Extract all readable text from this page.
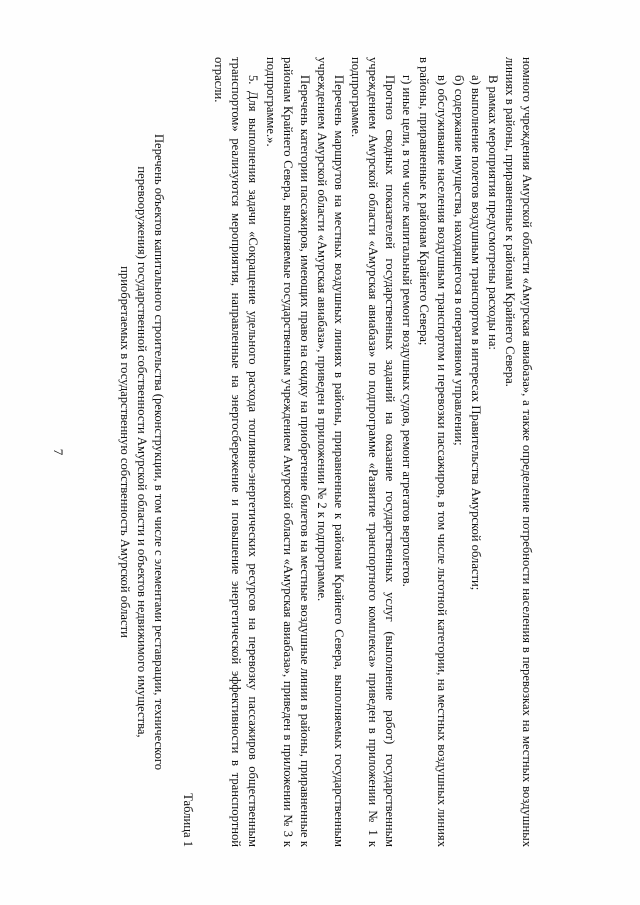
7	номного учреждения Амурской области «Амурская авиабаза», а также определение потребности населения в перевозках на местных воздушных линиях в районы, приравненные к районам Крайнего Севера.

В рамках мероприятия предусмотрены расходы на:

а) выполнение полетов воздушным транспортом в интересах Правительства Амурской области;

б) содержание имущества, находящегося в оперативном управлении;

в) обслуживание населения воздушным транспортом и перевозки пассажиров, в том числе льготной категории, на местных воздушных линиях в районы, приравненные к районам Крайнего Севера;

г) иные цели, в том числе капитальный ремонт воздушных судов, ремонт агрегатов вертолетов.

Прогноз сводных показателей государственных заданий на оказание государственных услуг (выполнение работ) государственным учреждением Амурской области «Амурская авиабаза» по подпрограмме «Развитие транспортного комплекса» приведен в приложении № 1 к подпрограмме.

Перечень маршрутов на местных воздушных линиях в районы, приравненные к районам Крайнего Севера, выполняемых государственным учреждением Амурской области «Амурская авиабаза», приведен в приложении № 2 к подпрограмме.

Перечень категории пассажиров, имеющих право на скидку на приобретение билетов на местные воздушные линии в районы, приравненные к районам Крайнего Севера, выполняемые государственным учреждением Амурской области «Амурская авиабаза», приведен в приложении № 3 к подпрограмме.».

5. Для выполнения задачи «Сокращение удельного расхода топливно-энергетических ресурсов на перевозку пассажиров общественным транспортом» реализуются мероприятия, направленные на энергосбережение и повышение энергетической эффективности в транспортной отрасли.

Таблица 1

Перечень объектов капитального строительства (реконструкции, в том числе с элементами реставрации, технического

перевооружения) государственной собственности Амурской области и объектов недвижимого имущества,

приобретаемых в государственную собственность Амурской области
